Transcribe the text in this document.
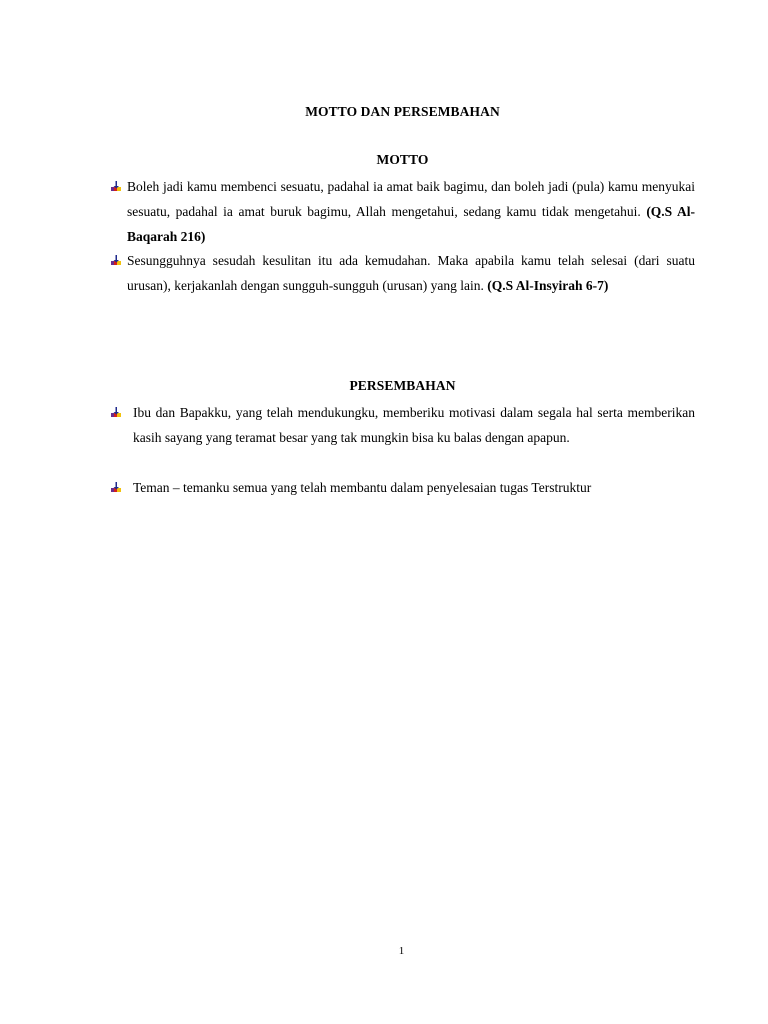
MOTTO DAN PERSEMBAHAN
MOTTO
Boleh jadi kamu membenci sesuatu, padahal ia amat baik bagimu, dan boleh jadi (pula) kamu menyukai sesuatu, padahal ia amat buruk bagimu, Allah mengetahui, sedang kamu tidak mengetahui. (Q.S Al-Baqarah 216)
Sesungguhnya sesudah kesulitan itu ada kemudahan. Maka apabila kamu telah selesai (dari suatu urusan), kerjakanlah dengan sungguh-sungguh (urusan) yang lain. (Q.S Al-Insyirah 6-7)
PERSEMBAHAN
Ibu dan Bapakku, yang telah mendukungku, memberiku motivasi dalam segala hal serta memberikan kasih sayang yang teramat besar yang tak mungkin bisa ku balas dengan apapun.
Teman – temanku semua yang telah membantu dalam penyelesaian tugas Terstruktur
1
